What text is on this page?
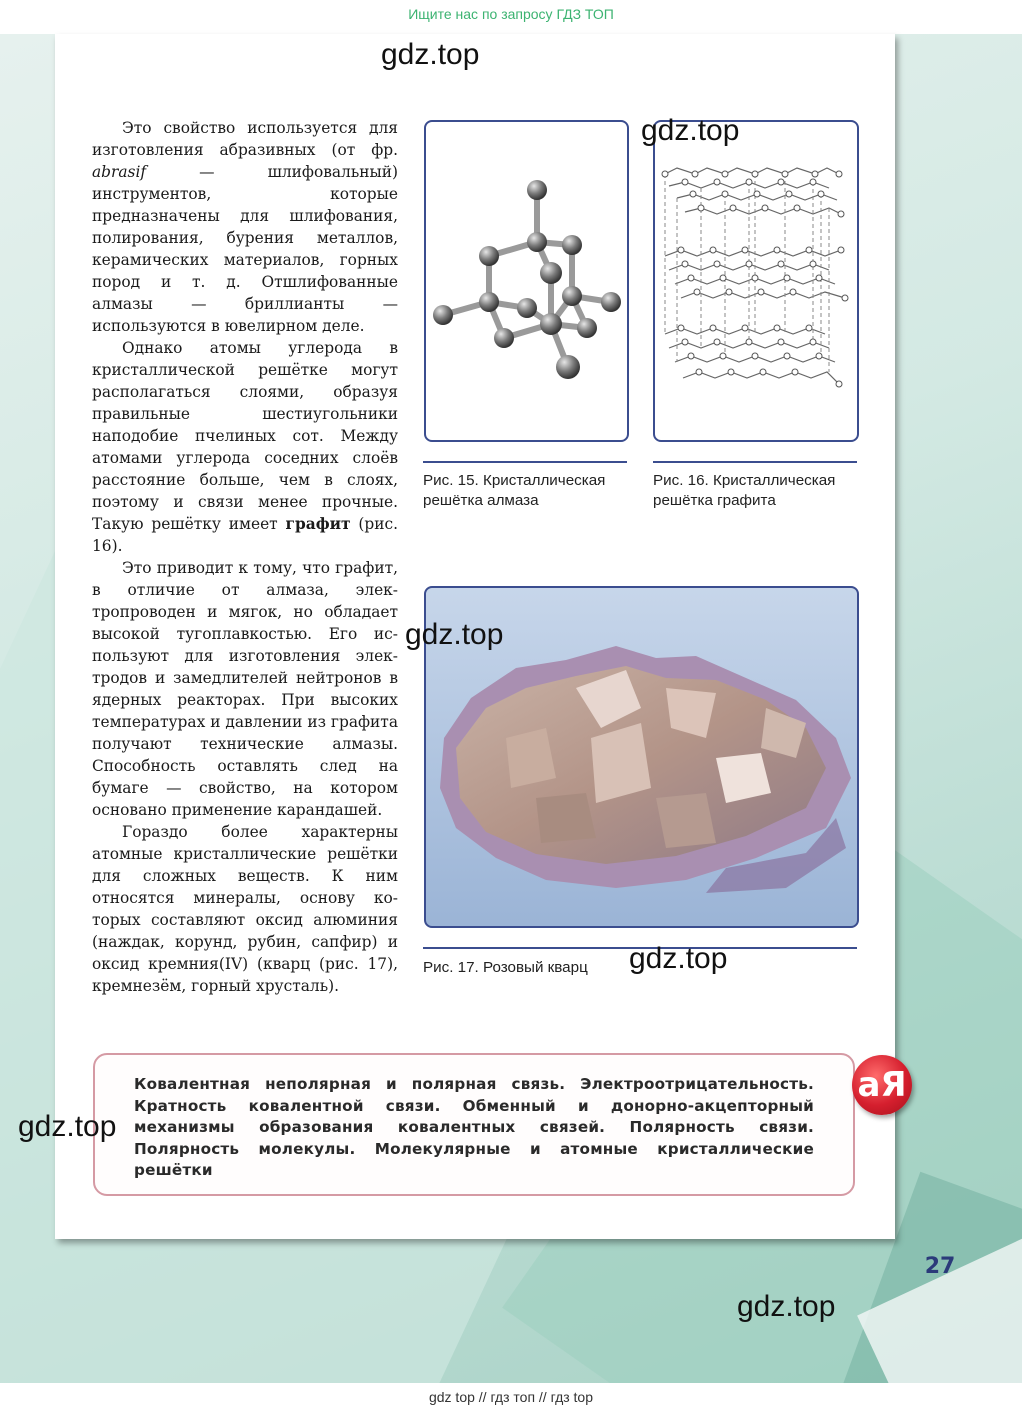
Ищите нас по запросу ГДЗ ТОП
gdz.top

Это свойство используется для изготовления абразивных (от фр. abrasif — шлифовальный) инструментов, которые предназначены для шлифования, полирования, бурения металлов, керамических материалов, горных пород и т. д. Отшлифованные алмазы — бриллианты — используются в ювелирном деле.

Однако атомы углерода в кристаллической решётке могут располагаться слоями, образуя правильные шестиугольники наподобие пчелиных сот. Между атомами углерода соседних слоёв расстояние больше, чем в слоях, поэтому и связи менее прочные. Такую решётку имеет графит (рис. 16).

Это приводит к тому, что графит, в отличие от алмаза, электропроводен и мягок, но обладает высокой тугоплавкостью. Его используют для изготовления электродов и замедлителей нейтронов в ядерных реакторах. При высоких температурах и давлении из графита получают технические алмазы. Способность оставлять след на бумаге — свойство, на котором основано применение карандашей.

Гораздо более характерны атомные кристаллические решётки для сложных веществ. К ним относятся минералы, основу которых составляют оксид алюминия (наждак, корунд, рубин, сапфир) и оксид кремния(IV) (кварц (рис. 17), кремнезём, горный хрусталь).

gdz.top
Рис. 15. Кристаллическая решётка алмаза
Рис. 16. Кристаллическая решётка графита
gdz.top
Рис. 17. Розовый кварц	gdz.top
Ковалентная неполярная и полярная связь. Электроотрицательность. Кратность ковалентной связи. Обменный и донорно-акцепторный механизмы образования ковалентных связей. Полярность связи. Полярность молекулы. Молекулярные и атомные кристаллические решётки
аЯ
gdz.top
27
gdz.top
gdz top // гдз топ // гдз top
